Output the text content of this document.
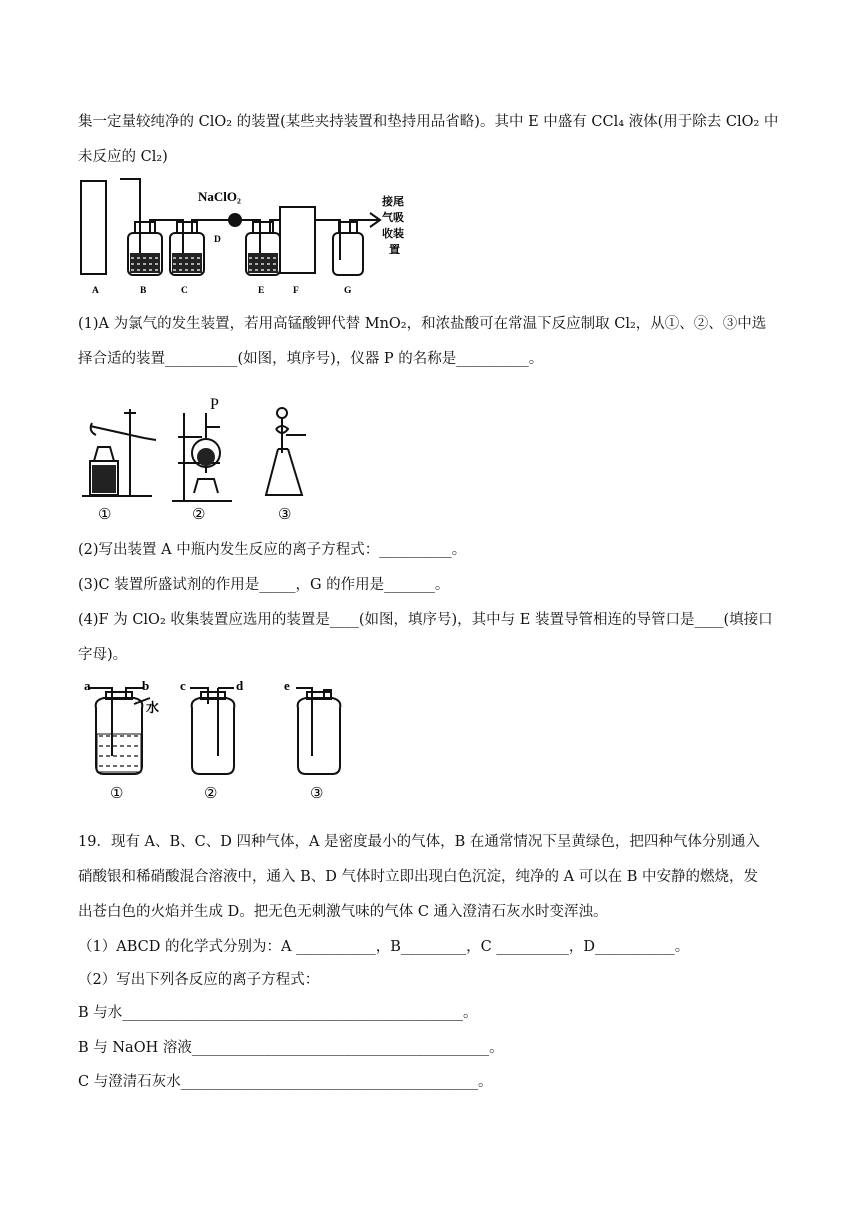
集一定量较纯净的 ClO₂ 的装置(某些夹持装置和垫持用品省略)。其中 E 中盛有 CCl₄ 液体(用于除去 ClO₂ 中
未反应的 Cl₂)
NaClO₂	接尾
气吸
收装
置
A	B	C
D
E	F	G
(1)A 为氯气的发生装置，若用高锰酸钾代替 MnO₂，和浓盐酸可在常温下反应制取 Cl₂，从①、②、③中选
择合适的装置__________(如图，填序号)，仪器 P 的名称是__________。
P
①	②	③
(2)写出装置 A 中瓶内发生反应的离子方程式：__________。
(3)C 装置所盛试剂的作用是_____，G 的作用是_______。
(4)F 为 ClO₂ 收集装置应选用的装置是____(如图，填序号)，其中与 E 装置导管相连的导管口是____(填接口
字母)。
a	b c	d	e
水
①	②	③
19．现有 A、B、C、D 四种气体，A 是密度最小的气体，B 在通常情况下呈黄绿色，把四种气体分别通入
硝酸银和稀硝酸混合溶液中，通入 B、D 气体时立即出现白色沉淀，纯净的 A 可以在 B 中安静的燃烧，发
出苍白色的火焰并生成 D。把无色无刺激气味的气体 C 通入澄清石灰水时变浑浊。
（1）ABCD 的化学式分别为：A ___________，B_________，C __________，D___________。
（2）写出下列各反应的离子方程式：
B 与水_______________________________________________。
B 与 NaOH 溶液_________________________________________。
C 与澄清石灰水_________________________________________。
